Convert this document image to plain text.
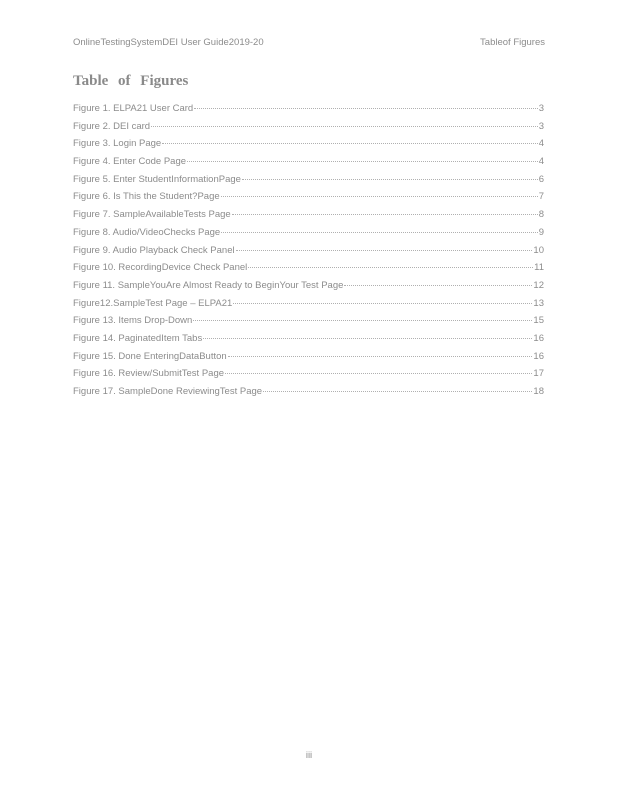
OnlineTestingSystemDEI User Guide2019-20	Tableof Figures
Table of Figures
Figure 1. ELPA21 User Card	3
Figure 2. DEI card	3
Figure 3. Login Page	4
Figure 4. Enter Code Page	4
Figure 5. Enter StudentInformationPage	6
Figure 6. Is This the Student?Page	7
Figure 7. SampleAvailableTests Page	8
Figure 8. Audio/VideoChecks Page	9
Figure 9. Audio Playback Check Panel	10
Figure 10. RecordingDevice Check Panel	11
Figure 11. SampleYouAre Almost Ready to BeginYour Test Page	12
Figure12.SampleTest Page – ELPA21	13
Figure 13. Items Drop-Down	15
Figure 14. PaginatedItem Tabs	16
Figure 15. Done EnteringDataButton	16
Figure 16. Review/SubmitTest Page	17
Figure 17. SampleDone ReviewingTest Page	18
iii
